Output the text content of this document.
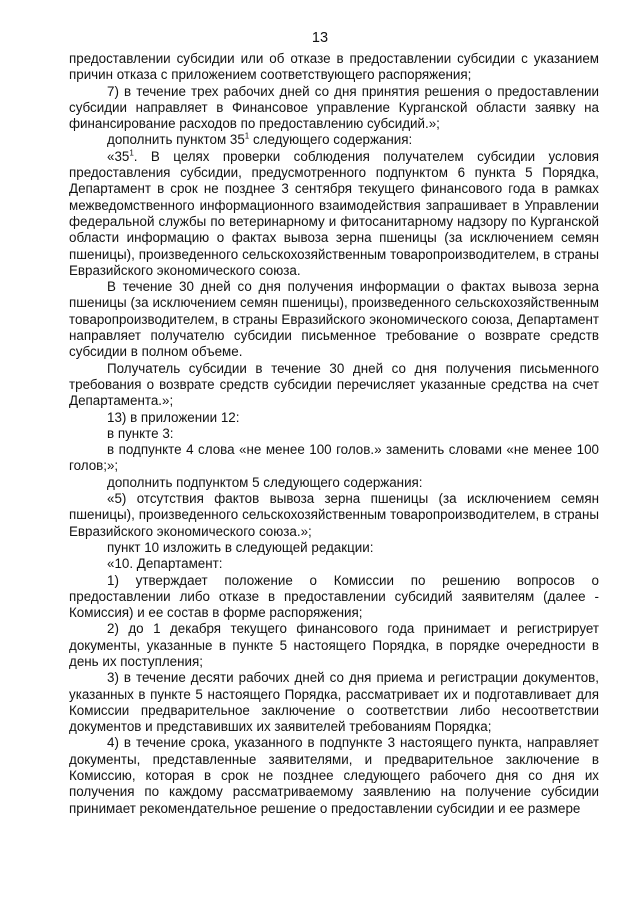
13

предоставлении субсидии или об отказе в предоставлении субсидии с указанием причин отказа с приложением соответствующего распоряжения;

7) в течение трех рабочих дней со дня принятия решения о предоставлении субсидии направляет в Финансовое управление Курганской области заявку на финансирование расходов по предоставлению субсидий.»;

дополнить пунктом $35^1$ следующего содержания:

«$35^1$. В целях проверки соблюдения получателем субсидии условия предоставления субсидии, предусмотренного подпунктом 6 пункта 5 Порядка, Департамент в срок не позднее 3 сентября текущего финансового года в рамках межведомственного информационного взаимодействия запрашивает в Управлении федеральной службы по ветеринарному и фитосанитарному надзору по Курганской области информацию о фактах вывоза зерна пшеницы (за исключением семян пшеницы), произведенного сельскохозяйственным товаропроизводителем, в страны Евразийского экономического союза.

В течение 30 дней со дня получения информации о фактах вывоза зерна пшеницы (за исключением семян пшеницы), произведенного сельскохозяйственным товаропроизводителем, в страны Евразийского экономического союза, Департамент направляет получателю субсидии письменное требование о возврате средств субсидии в полном объеме.

Получатель субсидии в течение 30 дней со дня получения письменного требования о возврате средств субсидии перечисляет указанные средства на счет Департамента.»;

13) в приложении 12:

в пункте 3:

в подпункте 4 слова «не менее 100 голов.» заменить словами «не менее 100 голов;»;

дополнить подпунктом 5 следующего содержания:

«5) отсутствия фактов вывоза зерна пшеницы (за исключением семян пшеницы), произведенного сельскохозяйственным товаропроизводителем, в страны Евразийского экономического союза.»;

пункт 10 изложить в следующей редакции:

«10. Департамент:

1) утверждает положение о Комиссии по решению вопросов о предоставлении либо отказе в предоставлении субсидий заявителям (далее - Комиссия) и ее состав в форме распоряжения;

2) до 1 декабря текущего финансового года принимает и регистрирует документы, указанные в пункте 5 настоящего Порядка, в порядке очередности в день их поступления;

3) в течение десяти рабочих дней со дня приема и регистрации документов, указанных в пункте 5 настоящего Порядка, рассматривает их и подготавливает для Комиссии предварительное заключение о соответствии либо несоответствии документов и представивших их заявителей требованиям Порядка;

4) в течение срока, указанного в подпункте 3 настоящего пункта, направляет документы, представленные заявителями, и предварительное заключение в Комиссию, которая в срок не позднее следующего рабочего дня со дня их получения по каждому рассматриваемому заявлению на получение субсидии принимает рекомендательное решение о предоставлении субсидии и ее размере
